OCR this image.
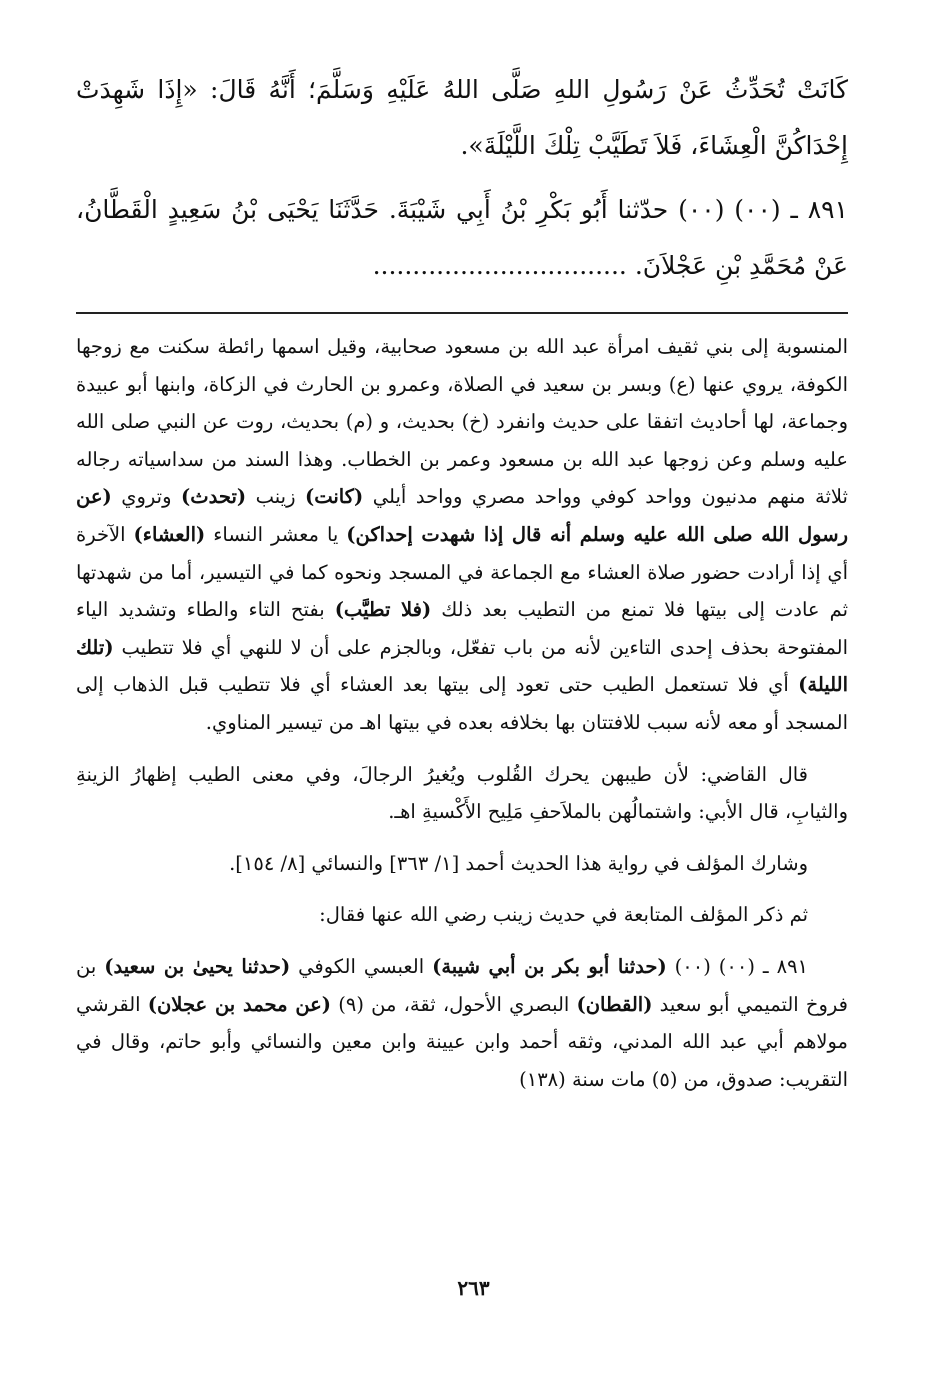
كَانَتْ تُحَدِّثُ عَنْ رَسُولِ اللهِ صَلَّى اللهُ عَلَيْهِ وَسَلَّمَ؛ أَنَّهُ قَالَ: «إِذَا شَهِدَتْ إِحْدَاكُنَّ الْعِشَاءَ، فَلاَ تَطَيَّبْ تِلْكَ اللَّيْلَةَ».

٨٩١ ـ (٠٠) (٠٠) حدّثنا أَبُو بَكْرِ بْنُ أَبِي شَيْبَةَ. حَدَّثَنَا يَحْيَى بْنُ سَعِيدٍ الْقَطَّانُ، عَنْ مُحَمَّدِ بْنِ عَجْلاَنَ. ................................

المنسوبة إلى بني ثقيف امرأة عبد الله بن مسعود صحابية، وقيل اسمها رائطة سكنت مع زوجها الكوفة، يروي عنها (ع) وبسر بن سعيد في الصلاة، وعمرو بن الحارث في الزكاة، وابنها أبو عبيدة وجماعة، لها أحاديث اتفقا على حديث وانفرد (خ) بحديث، و (م) بحديث، روت عن النبي صلى الله عليه وسلم وعن زوجها عبد الله بن مسعود وعمر بن الخطاب. وهذا السند من سداسياته رجاله ثلاثة منهم مدنيون وواحد كوفي وواحد مصري وواحد أيلي (كانت) زينب (تحدث) وتروي (عن رسول الله صلى الله عليه وسلم أنه قال إذا شهدت إحداكن) يا معشر النساء (العشاء) الآخرة أي إذا أرادت حضور صلاة العشاء مع الجماعة في المسجد ونحوه كما في التيسير، أما من شهدتها ثم عادت إلى بيتها فلا تمنع من التطيب بعد ذلك (فلا تطيَّب) بفتح التاء والطاء وتشديد الياء المفتوحة بحذف إحدى التاءين لأنه من باب تفعّل، وبالجزم على أن لا للنهي أي فلا تتطيب (تلك الليلة) أي فلا تستعمل الطيب حتى تعود إلى بيتها بعد العشاء أي فلا تتطيب قبل الذهاب إلى المسجد أو معه لأنه سبب للافتتان بها بخلافه بعده في بيتها اهـ من تيسير المناوي.

قال القاضي: لأن طيبهن يحرك القُلوب ويُغيرُ الرجالَ، وفي معنى الطيب إظهارُ الزينةِ والثيابِ، قال الأبي: واشتمالُهن بالملاَحفِ مَلِيح الأَكْسيةِ اهـ.

وشارك المؤلف في رواية هذا الحديث أحمد [١/ ٣٦٣] والنسائي [٨/ ١٥٤].

ثم ذكر المؤلف المتابعة في حديث زينب رضي الله عنها فقال:

٨٩١ ـ (٠٠) (٠٠) (حدثنا أبو بكر بن أبي شيبة) العبسي الكوفي (حدثنا يحيىٰ بن سعيد) بن فروخ التميمي أبو سعيد (القطان) البصري الأحول، ثقة، من (٩) (عن محمد بن عجلان) القرشي مولاهم أبي عبد الله المدني، وثقه أحمد وابن عيينة وابن معين والنسائي وأبو حاتم، وقال في التقريب: صدوق، من (٥) مات سنة (١٣٨)

٢٦٣
